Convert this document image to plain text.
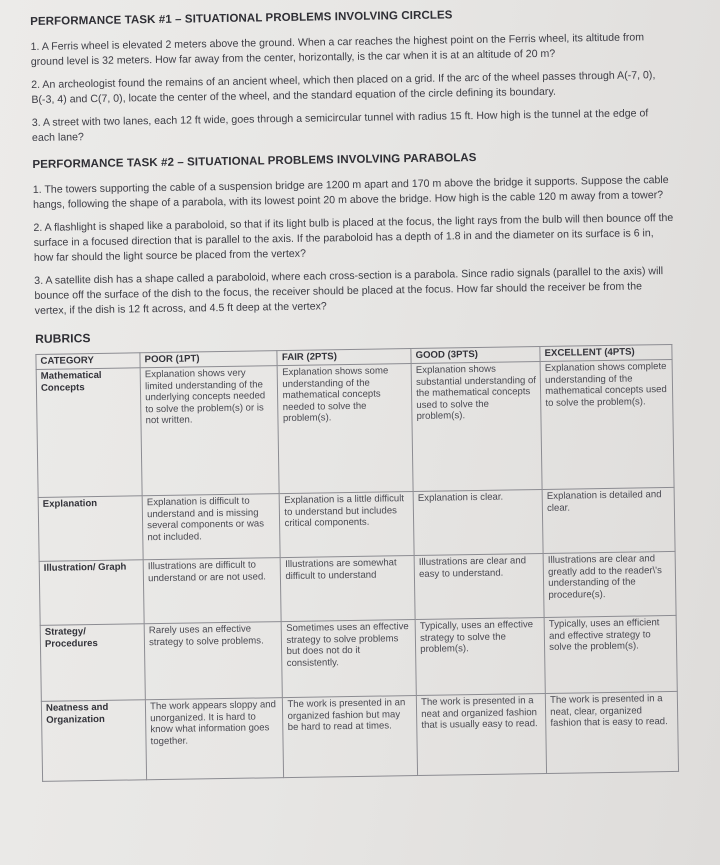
PERFORMANCE TASK #1 – SITUATIONAL PROBLEMS INVOLVING CIRCLES

1. A Ferris wheel is elevated 2 meters above the ground. When a car reaches the highest point on the Ferris wheel, its altitude from ground level is 32 meters. How far away from the center, horizontally, is the car when it is at an altitude of 20 m?

2. An archeologist found the remains of an ancient wheel, which then placed on a grid. If the arc of the wheel passes through A(-7, 0), B(-3, 4) and C(7, 0), locate the center of the wheel, and the standard equation of the circle defining its boundary.

3. A street with two lanes, each 12 ft wide, goes through a semicircular tunnel with radius 15 ft. How high is the tunnel at the edge of each lane?

PERFORMANCE TASK #2 – SITUATIONAL PROBLEMS INVOLVING PARABOLAS

1. The towers supporting the cable of a suspension bridge are 1200 m apart and 170 m above the bridge it supports. Suppose the cable hangs, following the shape of a parabola, with its lowest point 20 m above the bridge. How high is the cable 120 m away from a tower?

2. A flashlight is shaped like a paraboloid, so that if its light bulb is placed at the focus, the light rays from the bulb will then bounce off the surface in a focused direction that is parallel to the axis. If the paraboloid has a depth of 1.8 in and the diameter on its surface is 6 in, how far should the light source be placed from the vertex?

3. A satellite dish has a shape called a paraboloid, where each cross-section is a parabola. Since radio signals (parallel to the axis) will bounce off the surface of the dish to the focus, the receiver should be placed at the focus. How far should the receiver be from the vertex, if the dish is 12 ft across, and 4.5 ft deep at the vertex?

RUBRICS

CATEGORY	POOR (1PT)	FAIR (2PTS)	GOOD (3PTS)	EXCELLENT (4PTS)
Mathematical Concepts	Explanation shows very limited understanding of the underlying concepts needed to solve the problem(s) or is not written.	Explanation shows some understanding of the mathematical concepts needed to solve the problem(s).	Explanation shows substantial understanding of the mathematical concepts used to solve the problem(s).	Explanation shows complete understanding of the mathematical concepts used to solve the problem(s).
Explanation	Explanation is difficult to understand and is missing several components or was not included.	Explanation is a little difficult to understand but includes critical components.	Explanation is clear.	Explanation is detailed and clear.
Illustration/ Graph	Illustrations are difficult to understand or are not used.	Illustrations are somewhat difficult to understand	Illustrations are clear and easy to understand.	Illustrations are clear and greatly add to the reader\'s understanding of the procedure(s).
Strategy/ Procedures	Rarely uses an effective strategy to solve problems.	Sometimes uses an effective strategy to solve problems but does not do it consistently.	Typically, uses an effective strategy to solve the problem(s).	Typically, uses an efficient and effective strategy to solve the problem(s).
Neatness and Organization	The work appears sloppy and unorganized. It is hard to know what information goes together.	The work is presented in an organized fashion but may be hard to read at times.	The work is presented in a neat and organized fashion that is usually easy to read.	The work is presented in a neat, clear, organized fashion that is easy to read.
